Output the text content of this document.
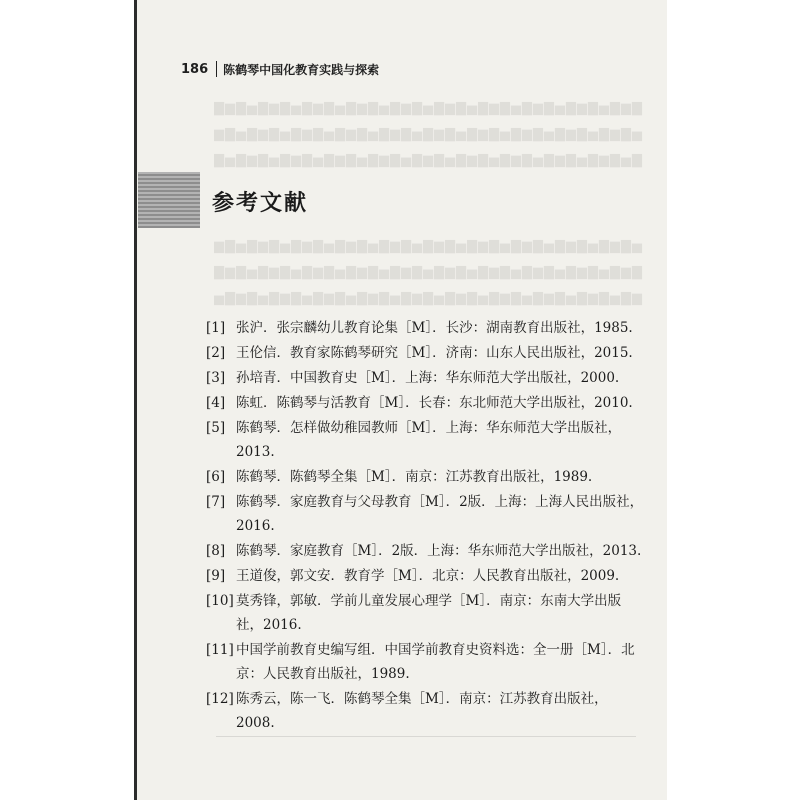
▇▆▇▅▇▆▇▅▇▆▇▅▇▆▇▅▇▆▇▅▇▆▇▅▇▆▇▅▇▆▇▅▇▆▇▅▇▆▇
▆▇▅▇▆▇▅▇▆▇▅▇▆▇▅▇▆▇▅▇▆▇▅▇▆▇▅▇▆▇▅▇▆▇▅▇▆▇▅
▇▅▇▆▇▅▇▆▇▅▇▆▇▅▇▆▇▅▇▆▇▅▇▆▇▅▇▆▇▅▇▆▇▅▇▆▇▅▇
▆▇▅▇▆▇▅▇▆▇▅▇▆▇▅▇▆▇▅▇▆▇▅▇▆▇▅▇▆▇▅▇▆▇▅▇▆▇▅
▇▆▇▅▇▆▇▅▇▆▇▅▇▆▇▅▇▆▇▅▇▆▇▅▇▆▇▅▇▆▇▅▇▆▇▅▇▆▇
▅▇▆▇▅▇▆▇▅▇▆▇▅▇▆▇▅▇▆▇▅▇▆▇▅▇▆▇▅▇▆▇▅▇▆▇▅▇▆
186 陈鹤琴中国化教育实践与探索
参考文献
[1] 张沪．张宗麟幼儿教育论集［M］．长沙：湖南教育出版社，1985.
[2] 王伦信．教育家陈鹤琴研究［M］．济南：山东人民出版社，2015.
[3] 孙培青．中国教育史［M］．上海：华东师范大学出版社，2000.
[4] 陈虹．陈鹤琴与活教育［M］．长春：东北师范大学出版社，2010.
[5] 陈鹤琴．怎样做幼稚园教师［M］．上海：华东师范大学出版社，2013.
[6] 陈鹤琴．陈鹤琴全集［M］．南京：江苏教育出版社，1989.
[7] 陈鹤琴．家庭教育与父母教育［M］．2版．上海：上海人民出版社，2016.
[8] 陈鹤琴．家庭教育［M］．2版．上海：华东师范大学出版社，2013.
[9] 王道俊，郭文安．教育学［M］．北京：人民教育出版社，2009.
[10] 莫秀锋，郭敏．学前儿童发展心理学［M］．南京：东南大学出版社，2016.
[11] 中国学前教育史编写组．中国学前教育史资料选：全一册［M］．北京：人民教育出版社，1989.
[12] 陈秀云，陈一飞．陈鹤琴全集［M］．南京：江苏教育出版社，2008.
